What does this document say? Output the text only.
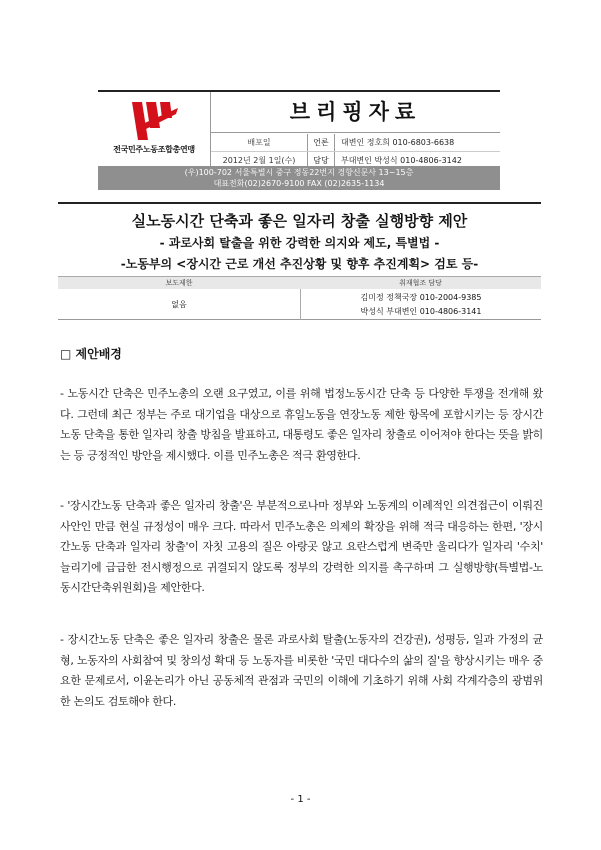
전국민주노동조합총연맹
브리핑자료
배포일	언론	대변인 정호희 010-6803-6638
2012년 2월 1일(수)	담당	부대변인 박성식 010-4806-3142
(우)100-702 서울특별시 중구 정동22번지 경향신문사 13~15층
대표전화(02)2670-9100 FAX (02)2635-1134
실노동시간 단축과 좋은 일자리 창출 실행방향 제안
- 과로사회 탈출을 위한 강력한 의지와 제도, 특별법 -
-노동부의 <장시간 근로 개선 추진상황 및 향후 추진계획> 검토 등-
보도제한	취재협조 담당
없음
김미정 정책국장 010-2004-9385
박성식 부대변인 010-4806-3141
□ 제안배경

- 노동시간 단축은 민주노총의 오랜 요구였고, 이를 위해 법정노동시간 단축 등 다양한 투쟁을 전개해 왔다. 그런데 최근 정부는 주로 대기업을 대상으로 휴일노동을 연장노동 제한 항목에 포함시키는 등 장시간노동 단축을 통한 일자리 창출 방침을 발표하고, 대통령도 좋은 일자리 창출로 이어져야 한다는 뜻을 밝히는 등 긍정적인 방안을 제시했다. 이를 민주노총은 적극 환영한다.

- '장시간노동 단축과 좋은 일자리 창출'은 부분적으로나마 정부와 노동계의 이례적인 의견접근이 이뤄진 사안인 만큼 현실 규정성이 매우 크다. 따라서 민주노총은 의제의 확장을 위해 적극 대응하는 한편, '장시간노동 단축과 일자리 창출'이 자칫 고용의 질은 아랑곳 않고 요란스럽게 변죽만 울리다가 일자리 '수치' 늘리기에 급급한 전시행정으로 귀결되지 않도록 정부의 강력한 의지를 촉구하며 그 실행방향(특별법-노동시간단축위원회)을 제안한다.

- 장시간노동 단축은 좋은 일자리 창출은 물론 과로사회 탈출(노동자의 건강권), 성평등, 일과 가정의 균형, 노동자의 사회참여 및 창의성 확대 등 노동자를 비롯한 '국민 대다수의 삶의 질'을 향상시키는 매우 중요한 문제로서, 이윤논리가 아닌 공동체적 관점과 국민의 이해에 기초하기 위해 사회 각계각층의 광범위한 논의도 검토해야 한다.

- 1 -
